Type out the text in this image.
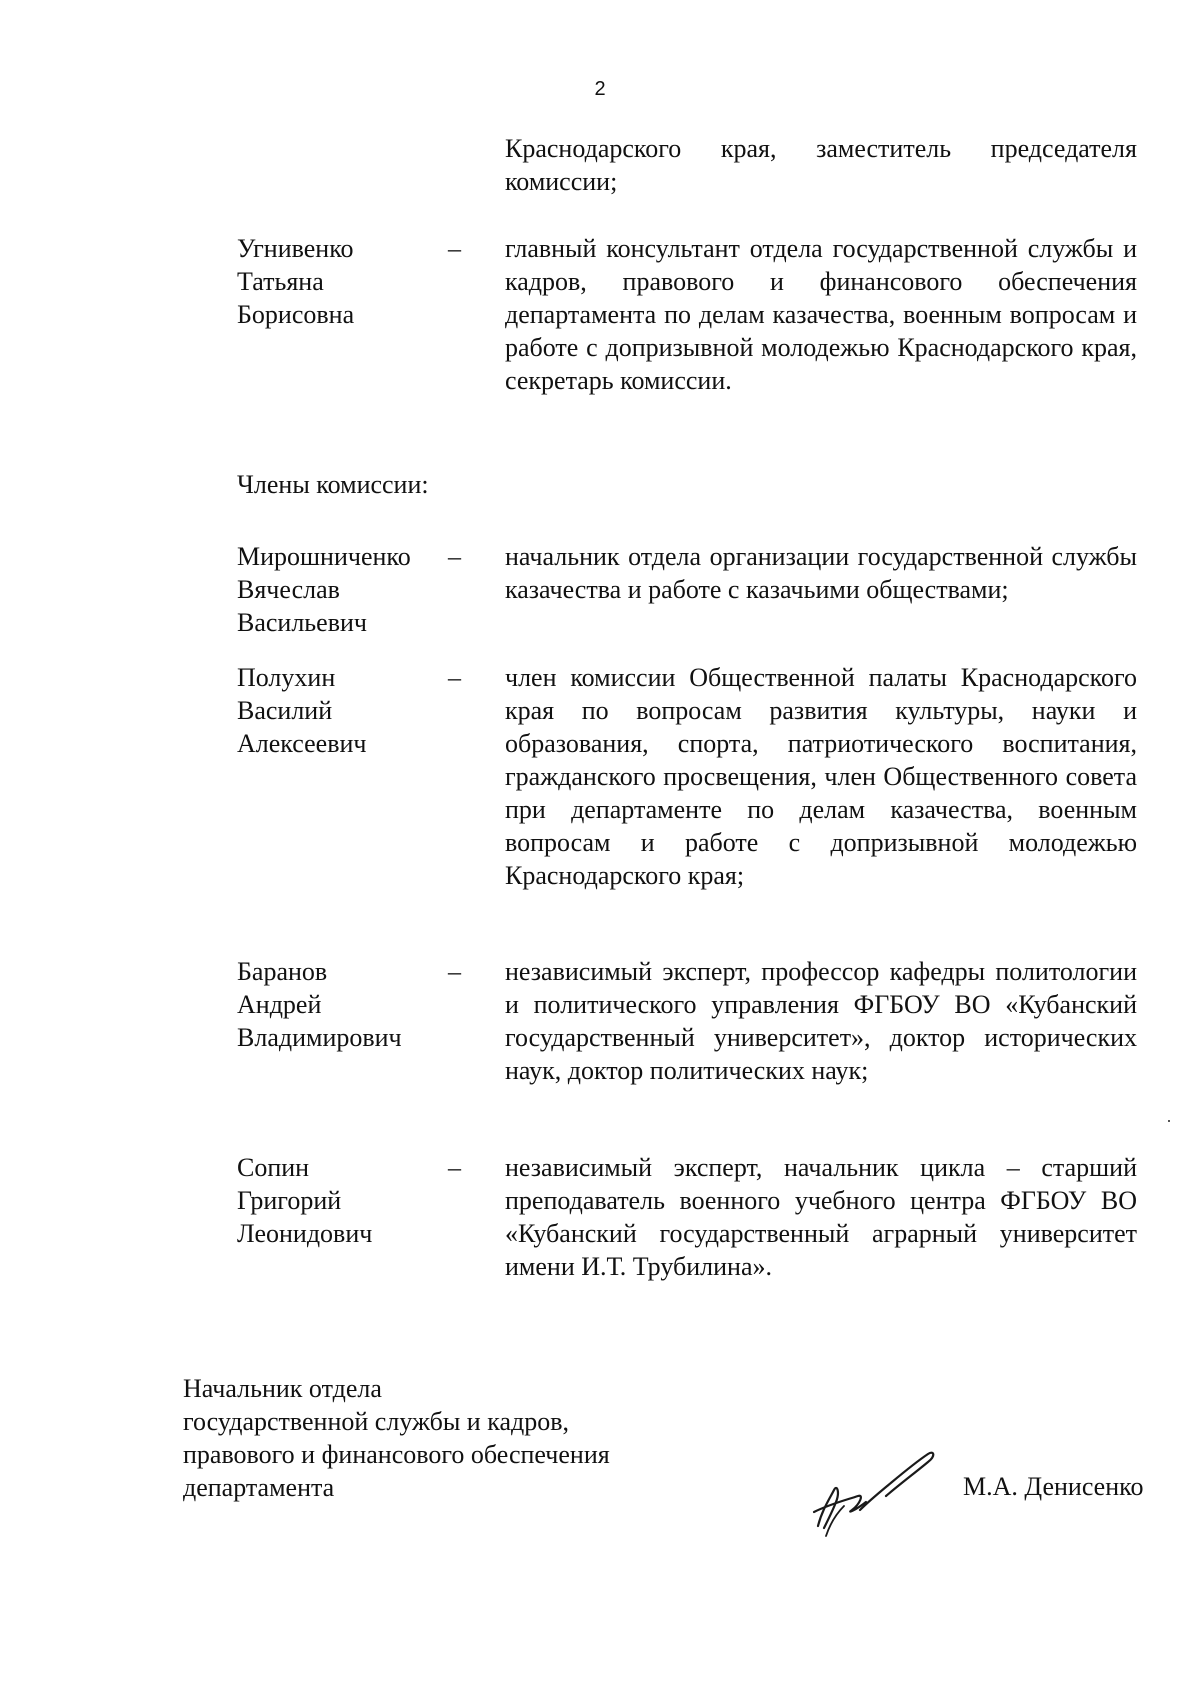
2
Краснодарского края, заместитель председателя комиссии;
Угнивенко
Татьяна
Борисовна
– главный консультант отдела государственной службы и кадров, правового и финансового обеспечения департамента по делам казачества, военным вопросам и работе с допризывной молодежью Краснодарского края, секретарь комиссии.
Члены комиссии:
Мирошниченко
Вячеслав
Васильевич
– начальник отдела организации государственной службы казачества и работе с казачьими обществами;
Полухин
Василий
Алексеевич
– член комиссии Общественной палаты Краснодарского края по вопросам развития культуры, науки и образования, спорта, патриотического воспитания, гражданского просвещения, член Общественного совета при департаменте по делам казачества, военным вопросам и работе с допризывной молодежью Краснодарского края;
Баранов
Андрей
Владимирович
– независимый эксперт, профессор кафедры политологии и политического управления ФГБОУ ВО «Кубанский государственный университет», доктор исторических наук, доктор политических наук;
Сопин
Григорий
Леонидович
– независимый эксперт, начальник цикла – старший преподаватель военного учебного центра ФГБОУ ВО «Кубанский государственный аграрный университет имени И.Т. Трубилина».
Начальник отдела
государственной службы и кадров,
правового и финансового обеспечения
департамента	М.А. Денисенко
